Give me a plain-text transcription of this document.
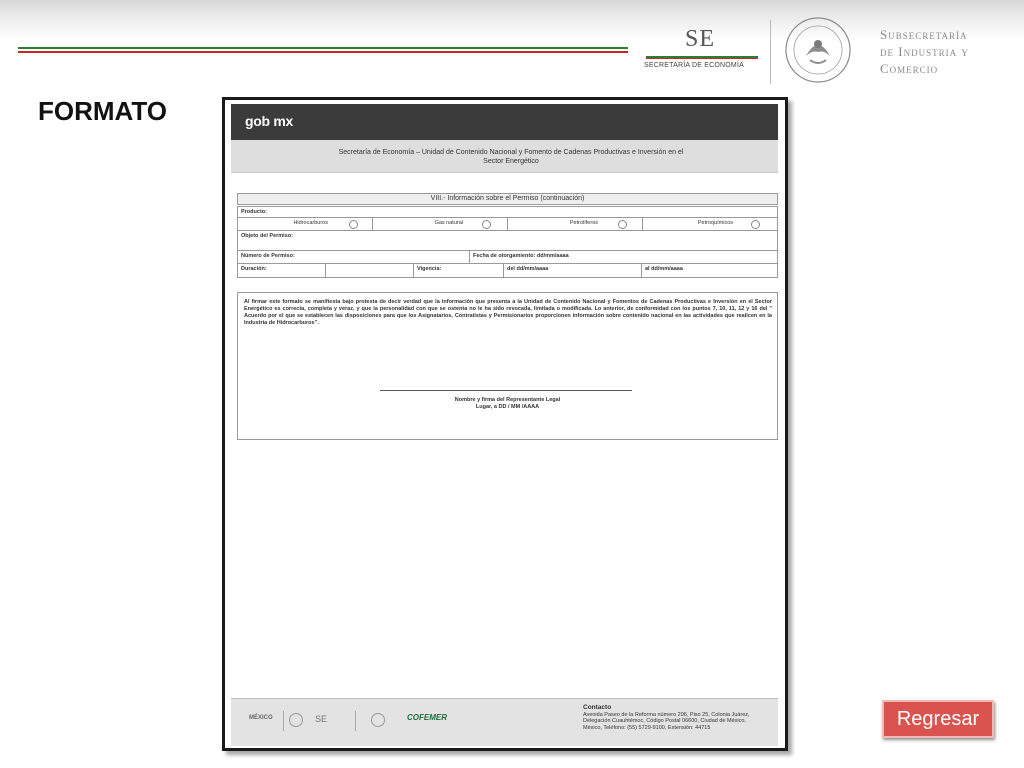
SE
SECRETARÍA DE ECONOMÍA
Subsecretaría
de Industria y
Comercio
FORMATO	gob mx
Secretaría de Economía – Unidad de Contenido Nacional y Fomento de Cadenas Productivas e Inversión en el Sector Energético
VIII.- Información sobre el Permiso (continuación)
Producto:
Hidrocarburos	Gas natural	Petrolíferos	Petroquímicos
Objeto del Permiso:
Número de Permiso:	Fecha de otorgamiento: dd/mm/aaaa
Duración:	Vigencia:	del dd/mm/aaaa	al dd/mm/aaaa
Al firmar este formato se manifiesta bajo protesta de decir verdad que la información que presenta a la Unidad de Contenido Nacional y Fomentos de Cadenas Productivas e Inversión en el Sector Energético es correcta, completa y veraz, y que la personalidad con que se ostenta no le ha sido revocada, limitada o modificada. Lo anterior, de conformidad con los puntos 7, 10, 11, 12 y 16 del " Acuerdo por el que se establecen las disposiciones para que los Asignatarios, Contratistas y Permisionarios proporcionen información sobre contenido nacional en las actividades que realicen en la Industria de Hidrocarburos".
Nombre y firma del Representante Legal
Lugar, a DD / MM /AAAA
MÉXICO	SE	COFEMER
Contacto
Avenida Paseo de la Reforma número 296, Piso 25, Colonia Juárez,
Delegación Cuauhtémoc, Código Postal 06600, Ciudad de México,
México, Teléfono: (55) 5729-9100, Extensión: 44715	Regresar
